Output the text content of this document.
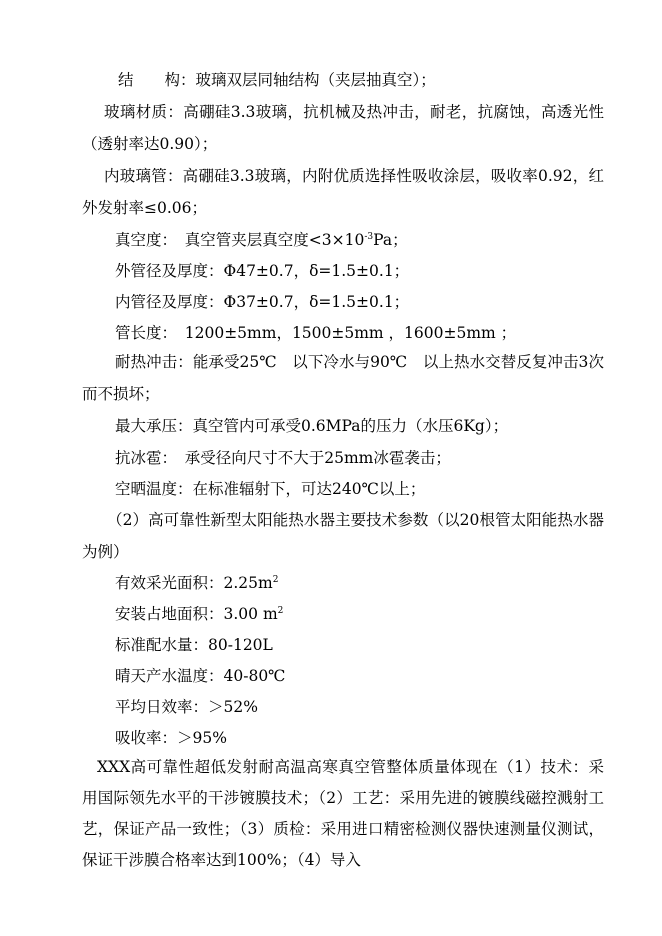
结　　构：玻璃双层同轴结构（夹层抽真空）；
玻璃材质：高硼硅3.3玻璃，抗机械及热冲击，耐老，抗腐蚀，高透光性（透射率达0.90）；
内玻璃管：高硼硅3.3玻璃，内附优质选择性吸收涂层，吸收率0.92，红外发射率≤0.06；
真空度：　真空管夹层真空度$<3\times 10^{-3}Pa$；
外管径及厚度：Φ47±0.7，δ=1.5±0.1；
内管径及厚度：Φ37±0.7，δ=1.5±0.1；
管长度：　1200±5mm，1500±5mm ，1600±5mm ；
耐热冲击：能承受25℃　以下冷水与90℃　以上热水交替反复冲击3次而不损坏；
最大承压：真空管内可承受0.6MPa的压力（水压6Kg）；
抗冰雹：　承受径向尺寸不大于25mm冰雹袭击；
空晒温度：在标准辐射下，可达240℃以上；
（2）高可靠性新型太阳能热水器主要技术参数（以20根管太阳能热水器为例）
有效采光面积：$2.25m^2$
安装占地面积：3.00 $m^2$
标准配水量：80-120L
晴天产水温度：40-80℃
平均日效率：＞52%
吸收率：＞95%
XXX高可靠性超低发射耐高温高寒真空管整体质量体现在（1）技术：采用国际领先水平的干涉镀膜技术；（2）工艺：采用先进的镀膜线磁控溅射工艺，保证产品一致性；（3）质检：采用进口精密检测仪器快速测量仪测试，保证干涉膜合格率达到100%；（4）导入
